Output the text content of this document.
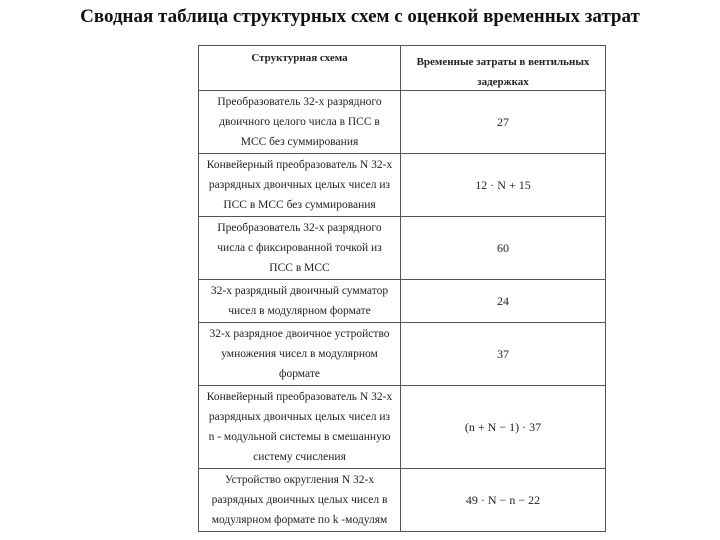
Сводная таблица структурных схем с оценкой временных затрат
Структурная схема	Временные затраты в вентильных задержках
Преобразователь 32-х разрядного
двоичного целого числа в ПСС в
МСС без суммирования
27
Конвейерный преобразователь N 32-х
разрядных двоичных целых чисел из
ПСС в МСС без суммирования
12 · N + 15
Преобразователь 32-х разрядного
числа с фиксированной точкой из
ПСС в МСС
60
32-х разрядный двоичный сумматор
чисел в модулярном формате
24
32-х разрядное двоичное устройство
умножения чисел в модулярном
формате
37
Конвейерный преобразователь N 32-х
разрядных двоичных целых чисел из
n - модульной системы в смешанную
систему счисления
(n + N − 1) · 37
Устройство округления N 32-х
разрядных двоичных целых чисел в
модулярном формате по k -модулям
49 · N − n − 22
